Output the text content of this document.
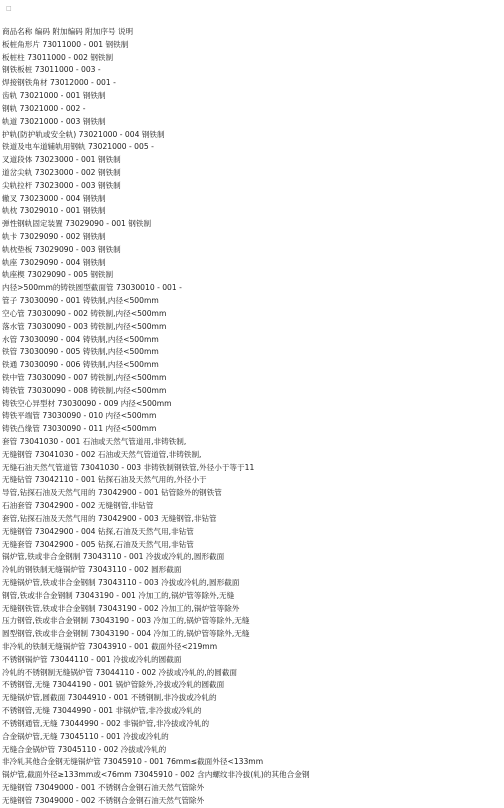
□
商品名称 编码 附加编码 附加序号 说明
板桩角形片 73011000 - 001 钢铁制
板桩柱 73011000 - 002 钢铁制
钢铁板桩 73011000 - 003 -
焊接钢铁角材 73012000 - 001 -
齿轨 73021000 - 001 钢铁制
钢轨 73021000 - 002 -
轨道 73021000 - 003 钢铁制
护轨(防护轨或安全轨) 73021000 - 004 钢铁制
铁道及电车道辅轨用钢轨 73021000 - 005 -
叉道段体 73023000 - 001 钢铁制
道岔尖轨 73023000 - 002 钢铁制
尖轨拉杆 73023000 - 003 钢铁制
辙叉 73023000 - 004 钢铁制
轨枕 73029010 - 001 钢铁制
弹性钢轨固定装置 73029090 - 001 钢铁制
轨卡 73029090 - 002 钢铁制
轨枕垫板 73029090 - 003 钢铁制
轨座 73029090 - 004 钢铁制
轨座楔 73029090 - 005 钢铁制
内径>500mm的铸铁圆型截面管 73030010 - 001 -
管子 73030090 - 001 铸铁制,内径<500mm
空心管 73030090 - 002 铸铁制,内径<500mm
落水管 73030090 - 003 铸铁制,内径<500mm
水管 73030090 - 004 铸铁制,内径<500mm
铁管 73030090 - 005 铸铁制,内径<500mm
铁通 73030090 - 006 铸铁制,内径<500mm
铁中管 73030090 - 007 铸铁制,内径<500mm
铸铁管 73030090 - 008 铸铁制,内径<500mm
铸铁空心异型材 73030090 - 009 内径<500mm
铸铁平端管 73030090 - 010 内径<500mm
铸铁凸缘管 73030090 - 011 内径<500mm
套管 73041030 - 001 石油或天然气管道用,非铸铁制,
无缝钢管 73041030 - 002 石油或天然气管道管,非铸铁制,
无缝石油天然气管道管 73041030 - 003 非铸铁制钢铁管,外径小于等于11
无缝钻管 73042110 - 001 钻探石油及天然气用的,外径小于
导管,钻探石油及天然气用的 73042900 - 001 钻管除外的钢铁管
石油套管 73042900 - 002 无缝钢管,非钻管
套管,钻探石油及天然气用的 73042900 - 003 无缝钢管,非钻管
无缝钢管 73042900 - 004 钻探,石油及天然气用,非钻管
无缝套管 73042900 - 005 钻探,石油及天然气用,非钻管
锅炉管,铁或非合金钢制 73043110 - 001 冷拔或冷轧的,圆形截面
冷轧的钢铁制无缝锅炉管 73043110 - 002 圆形截面
无缝锅炉管,铁或非合金钢制 73043110 - 003 冷拔或冷轧的,圆形截面
钢管,铁或非合金钢制 73043190 - 001 冷加工的,锅炉管等除外,无缝
无缝钢铁管,铁或非合金钢制 73043190 - 002 冷加工的,锅炉管等除外
压力钢管,铁或非合金钢制 73043190 - 003 冷加工的,锅炉管等除外,无缝
圆型钢管,铁或非合金钢制 73043190 - 004 冷加工的,锅炉管等除外,无缝
非冷轧的铁制无缝锅炉管 73043910 - 001 截面外径<219mm
不锈钢锅炉管 73044110 - 001 冷拔或冷轧的圆截面
冷轧的不锈钢制无缝锅炉管 73044110 - 002 冷拔或冷轧的,的圆截面
不锈钢管,无缝 73044190 - 001 锅炉管除外,冷拔或冷轧的圆截面
无缝锅炉管,圆截面 73044910 - 001 不锈钢制,非冷拔或冷轧的
不锈钢管,无缝 73044990 - 001 非锅炉管,非冷拔或冷轧的
不锈钢通管,无缝 73044990 - 002 非锅炉管,非冷拔或冷轧的
合金锅炉管,无缝 73045110 - 001 冷拔或冷轧的
无缝合金锅炉管 73045110 - 002 冷拔或冷轧的
非冷轧其他合金钢无缝锅炉管 73045910 - 001 76mm≤截面外径<133mm
锅炉管,截面外径≥133mm或<76mm 73045910 - 002 含内螺纹非冷拔(轧)的其他合金钢
无缝钢管 73049000 - 001 不锈钢合金钢石油天然气管除外
无缝钢管 73049000 - 002 不锈钢合金钢石油天然气管除外
